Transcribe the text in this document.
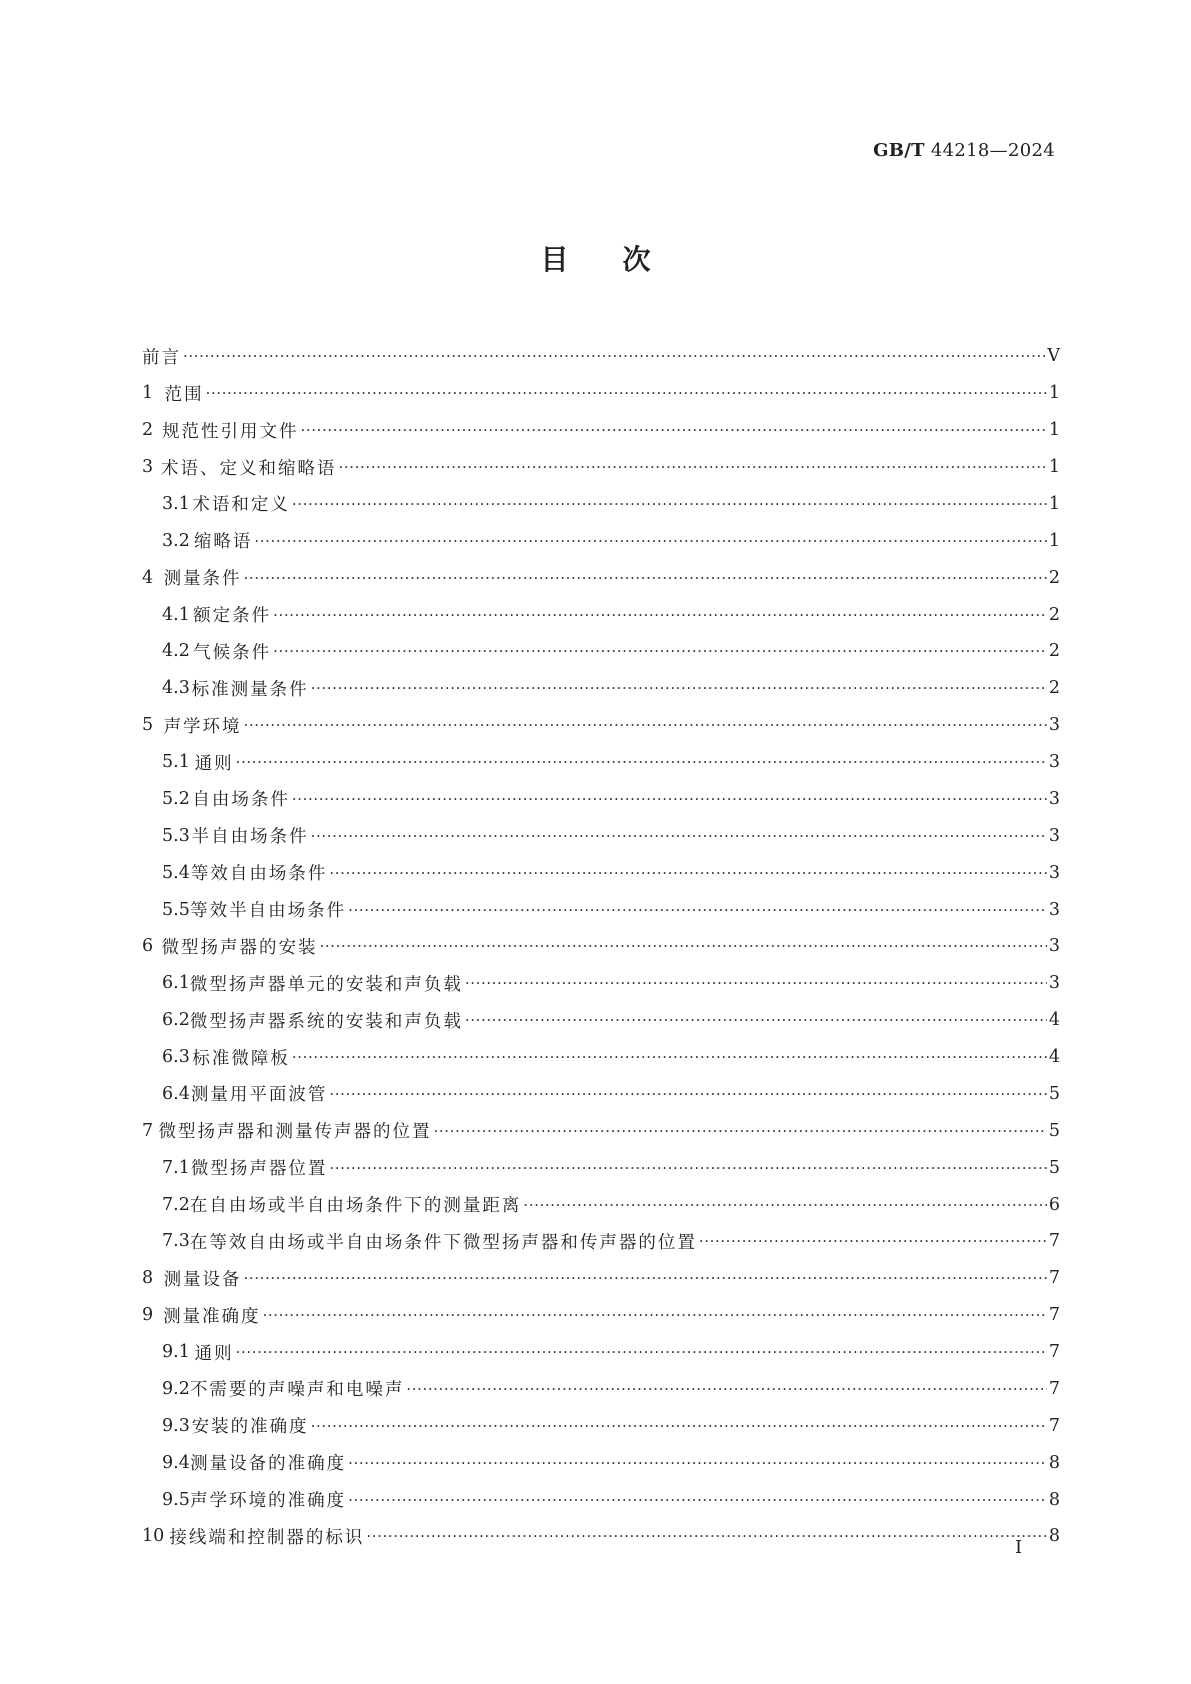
GB/T 44218—2024
目次
前言 ·····	V
1 范围 ·····	1
2 规范性引用文件 ·····	1
3 术语、定义和缩略语 ·····	1
3.1 术语和定义 ·····	1
3.2 缩略语 ·····	1
4 测量条件 ·····	2
4.1 额定条件 ·····	2
4.2 气候条件 ·····	2
4.3 标准测量条件 ·····	2
5 声学环境 ·····	3
5.1 通则 ·····	3
5.2 自由场条件 ·····	3
5.3 半自由场条件 ·····	3
5.4 等效自由场条件 ·····	3
5.5 等效半自由场条件 ·····	3
6 微型扬声器的安装 ·····	3
6.1 微型扬声器单元的安装和声负载 ·····	3
6.2 微型扬声器系统的安装和声负载 ·····	4
6.3 标准微障板 ·····	4
6.4 测量用平面波管 ·····	5
7 微型扬声器和测量传声器的位置 ·····	5
7.1 微型扬声器位置 ·····	5
7.2 在自由场或半自由场条件下的测量距离 ·····	6
7.3 在等效自由场或半自由场条件下微型扬声器和传声器的位置 ·····	7
8 测量设备 ·····	7
9 测量准确度 ·····	7
9.1 通则 ·····	7
9.2 不需要的声噪声和电噪声 ·····	7
9.3 安装的准确度 ·····	7
9.4 测量设备的准确度 ·····	8
9.5 声学环境的准确度 ·····	8
10 接线端和控制器的标识 ·····	8
I
